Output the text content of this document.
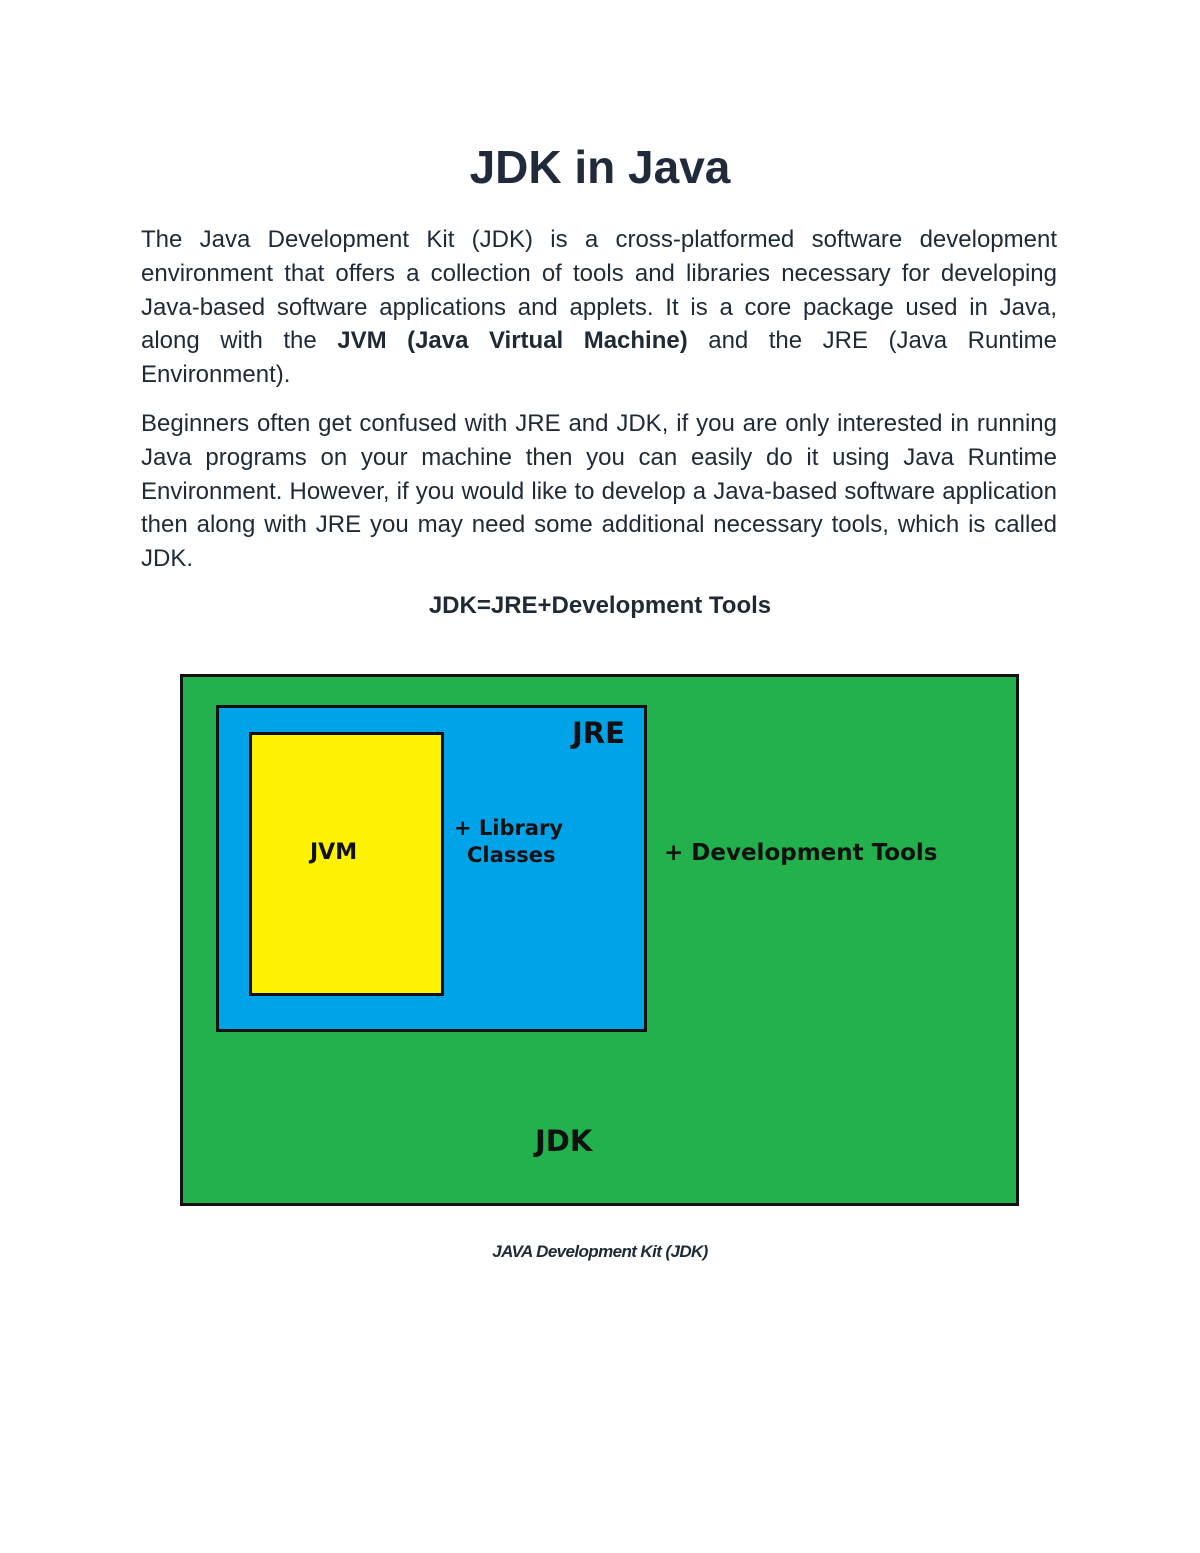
JDK in Java

The Java Development Kit (JDK) is a cross-platformed software development environment that offers a collection of tools and libraries necessary for developing Java-based software applications and applets. It is a core package used in Java, along with the JVM (Java Virtual Machine) and the JRE (Java Runtime Environment).

Beginners often get confused with JRE and JDK, if you are only interested in running Java programs on your machine then you can easily do it using Java Runtime Environment. However, if you would like to develop a Java-based software application then along with JRE you may need some additional necessary tools, which is called JDK.

JDK=JRE+Development Tools

JRE

JVM

+ Library
Classes	+ Development Tools

JDK

JAVA Development Kit (JDK)
